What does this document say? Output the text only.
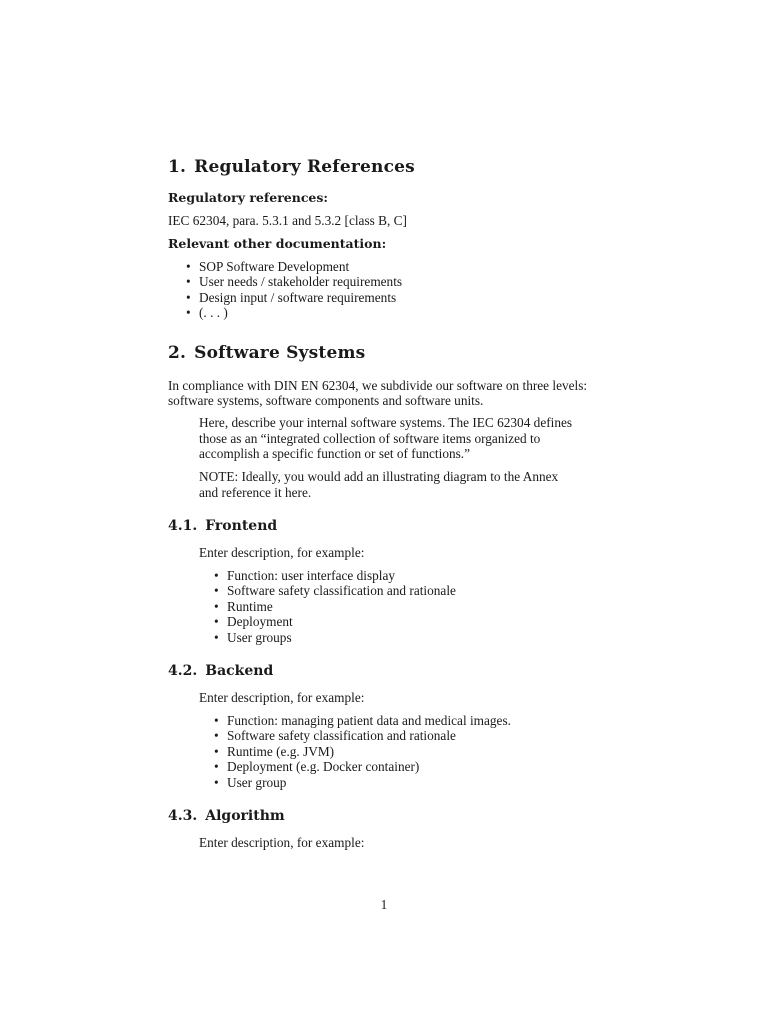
1. Regulatory References

Regulatory references:

IEC 62304, para. 5.3.1 and 5.3.2 [class B, C]

Relevant other documentation:

• SOP Software Development
• User needs / stakeholder requirements
• Design input / software requirements
• (. . . )
2. Software Systems

In compliance with DIN EN 62304, we subdivide our software on three levels:

software systems, software components and software units.

Here, describe your internal software systems. The IEC 62304 defines

those as an “integrated collection of software items organized to

accomplish a specific function or set of functions.”

NOTE: Ideally, you would add an illustrating diagram to the Annex

and reference it here.

4.1. Frontend

Enter description, for example:

• Function: user interface display
• Software safety classification and rationale
• Runtime
• Deployment
• User groups
4.2. Backend

Enter description, for example:

• Function: managing patient data and medical images.
• Software safety classification and rationale
• Runtime (e.g. JVM)
• Deployment (e.g. Docker container)
• User group
4.3. Algorithm

Enter description, for example:

1
